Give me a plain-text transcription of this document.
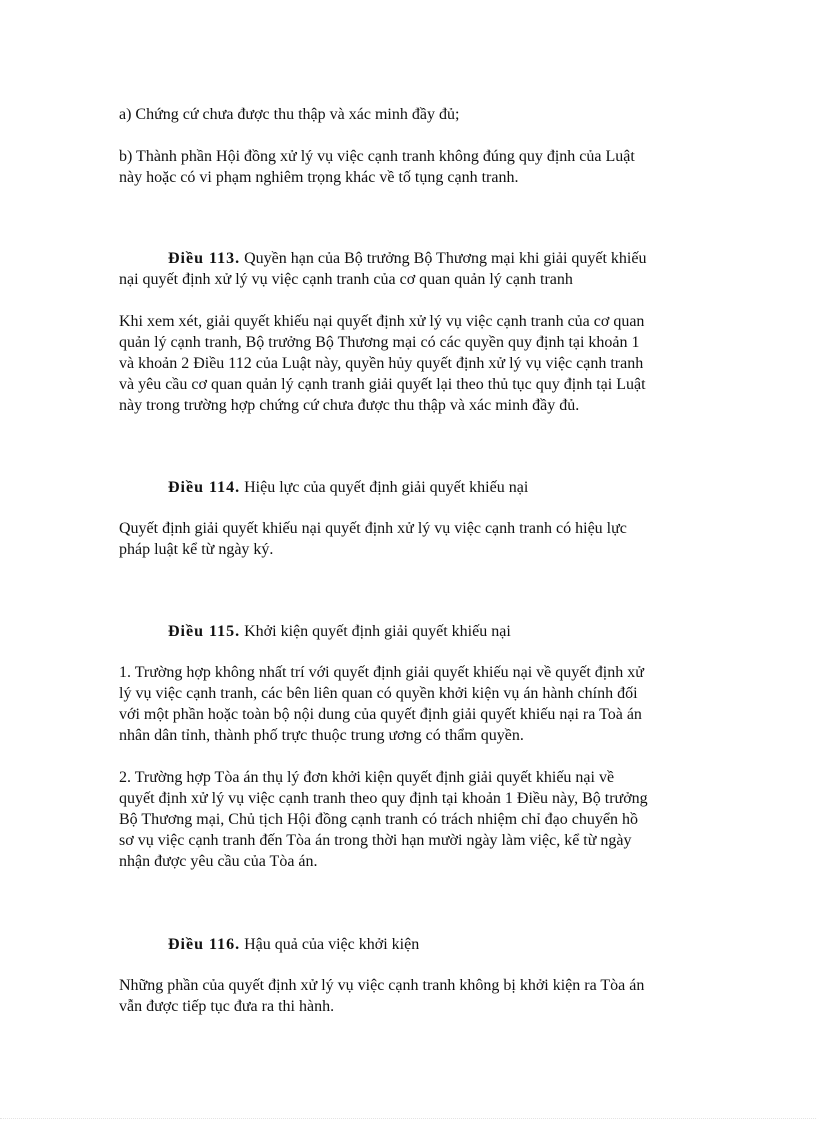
a) Chứng cứ chưa được thu thập và xác minh đầy đủ;

b) Thành phần Hội đồng xử lý vụ việc cạnh tranh không đúng quy định của Luật
này hoặc có vi phạm nghiêm trọng khác về tố tụng cạnh tranh.

Điều 113. Quyền hạn của Bộ trưởng Bộ Thương mại khi giải quyết khiếu
nại quyết định xử lý vụ việc cạnh tranh của cơ quan quản lý cạnh tranh

Khi xem xét, giải quyết khiếu nại quyết định xử lý vụ việc cạnh tranh của cơ quan
quản lý cạnh tranh, Bộ trưởng Bộ Thương mại có các quyền quy định tại khoản 1
và khoản 2 Điều 112 của Luật này, quyền hủy quyết định xử lý vụ việc cạnh tranh
và yêu cầu cơ quan quản lý cạnh tranh giải quyết lại theo thủ tục quy định tại Luật
này trong trường hợp chứng cứ chưa được thu thập và xác minh đầy đủ.

Điều 114. Hiệu lực của quyết định giải quyết khiếu nại

Quyết định giải quyết khiếu nại quyết định xử lý vụ việc cạnh tranh có hiệu lực
pháp luật kể từ ngày ký.

Điều 115. Khởi kiện quyết định giải quyết khiếu nại

1. Trường hợp không nhất trí với quyết định giải quyết khiếu nại về quyết định xử
lý vụ việc cạnh tranh, các bên liên quan có quyền khởi kiện vụ án hành chính đối
với một phần hoặc toàn bộ nội dung của quyết định giải quyết khiếu nại ra Toà án
nhân dân tỉnh, thành phố trực thuộc trung ương có thẩm quyền.

2. Trường hợp Tòa án thụ lý đơn khởi kiện quyết định giải quyết khiếu nại về
quyết định xử lý vụ việc cạnh tranh theo quy định tại khoản 1 Điều này, Bộ trưởng
Bộ Thương mại, Chủ tịch Hội đồng cạnh tranh có trách nhiệm chỉ đạo chuyển hồ
sơ vụ việc cạnh tranh đến Tòa án trong thời hạn mười ngày làm việc, kể từ ngày
nhận được yêu cầu của Tòa án.

Điều 116. Hậu quả của việc khởi kiện

Những phần của quyết định xử lý vụ việc cạnh tranh không bị khởi kiện ra Tòa án
vẫn được tiếp tục đưa ra thi hành.
